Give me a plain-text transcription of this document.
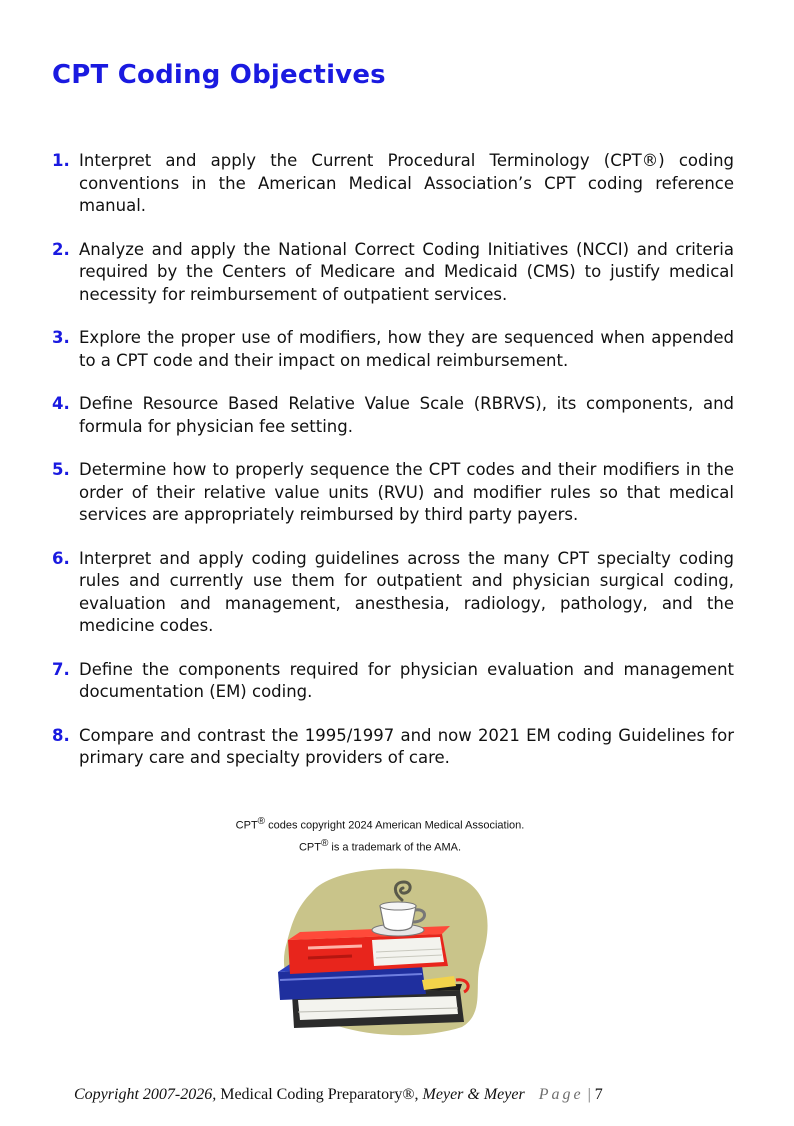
CPT Coding Objectives
1. Interpret and apply the Current Procedural Terminology (CPT®) coding conventions in the American Medical Association’s CPT coding reference manual.
2. Analyze and apply the National Correct Coding Initiatives (NCCI) and criteria required by the Centers of Medicare and Medicaid (CMS) to justify medical necessity for reimbursement of outpatient services.
3. Explore the proper use of modifiers, how they are sequenced when appended to a CPT code and their impact on medical reimbursement.
4. Define Resource Based Relative Value Scale (RBRVS), its components, and formula for physician fee setting.
5. Determine how to properly sequence the CPT codes and their modifiers in the order of their relative value units (RVU) and modifier rules so that medical services are appropriately reimbursed by third party payers.
6. Interpret and apply coding guidelines across the many CPT specialty coding rules and currently use them for outpatient and physician surgical coding, evaluation and management, anesthesia, radiology, pathology, and the medicine codes.
7. Define the components required for physician evaluation and management documentation (EM) coding.
8. Compare and contrast the 1995/1997 and now 2021 EM coding Guidelines for primary care and specialty providers of care.
CPT® codes copyright 2024 American Medical Association.
CPT® is a trademark of the AMA.
Copyright 2007-2026, Medical Coding Preparatory®, Meyer & Meyer Page | 7
